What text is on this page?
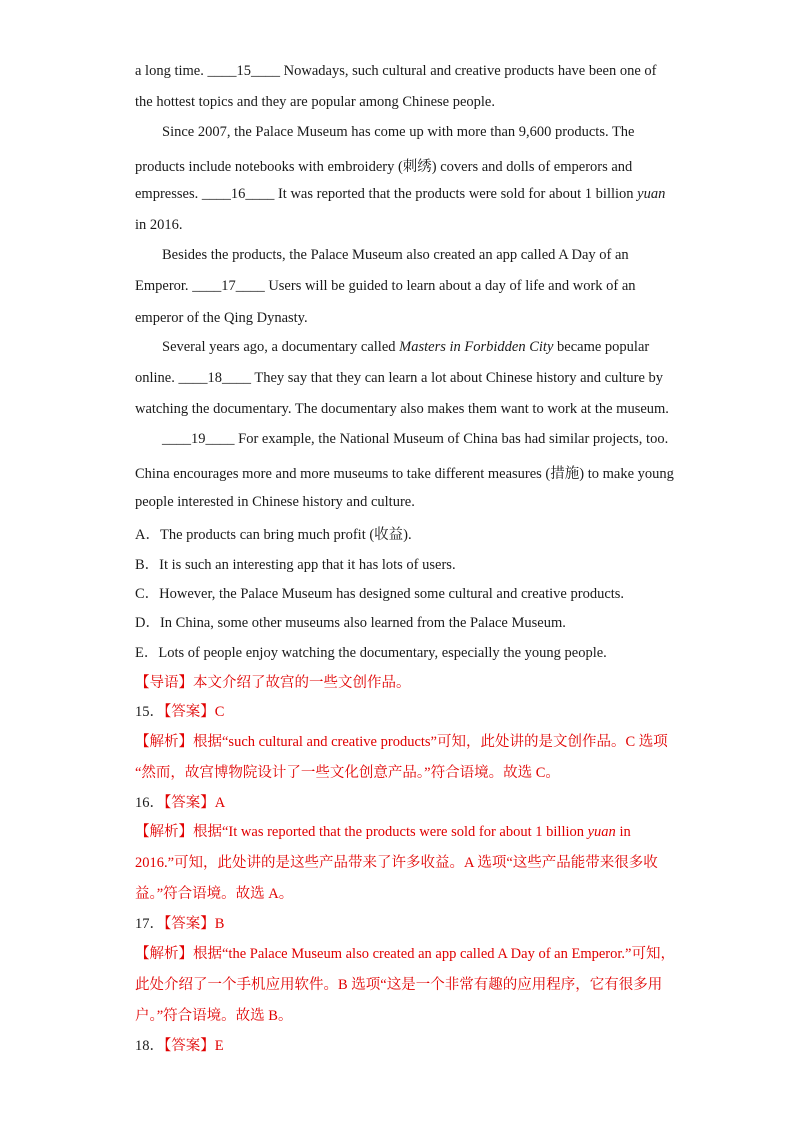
a long time. ____15____ Nowadays, such cultural and creative products have been one of
the hottest topics and they are popular among Chinese people.
Since 2007, the Palace Museum has come up with more than 9,600 products. The
products include notebooks with embroidery (刺绣) covers and dolls of emperors and
empresses. ____16____ It was reported that the products were sold for about 1 billion yuan
in 2016.
Besides the products, the Palace Museum also created an app called A Day of an
Emperor. ____17____ Users will be guided to learn about a day of life and work of an
emperor of the Qing Dynasty.
Several years ago, a documentary called Masters in Forbidden City became popular
online. ____18____ They say that they can learn a lot about Chinese history and culture by
watching the documentary. The documentary also makes them want to work at the museum.
____19____ For example, the National Museum of China bas had similar projects, too.
China encourages more and more museums to take different measures (措施) to make young
people interested in Chinese history and culture.
A．The products can bring much profit (收益).
B．It is such an interesting app that it has lots of users.
C．However, the Palace Museum has designed some cultural and creative products.
D．In China, some other museums also learned from the Palace Museum.
E．Lots of people enjoy watching the documentary, especially the young people.
【导语】本文介绍了故宫的一些文创作品。
15．【答案】C
【解析】根据“such cultural and creative products”可知，此处讲的是文创作品。C 选项
“然而，故宫博物院设计了一些文化创意产品。”符合语境。故选 C。
16．【答案】A
【解析】根据“It was reported that the products were sold for about 1 billion yuan in
2016.”可知，此处讲的是这些产品带来了许多收益。A 选项“这些产品能带来很多收
益。”符合语境。故选 A。
17．【答案】B
【解析】根据“the Palace Museum also created an app called A Day of an Emperor.”可知，
此处介绍了一个手机应用软件。B 选项“这是一个非常有趣的应用程序，它有很多用
户。”符合语境。故选 B。
18．【答案】E
